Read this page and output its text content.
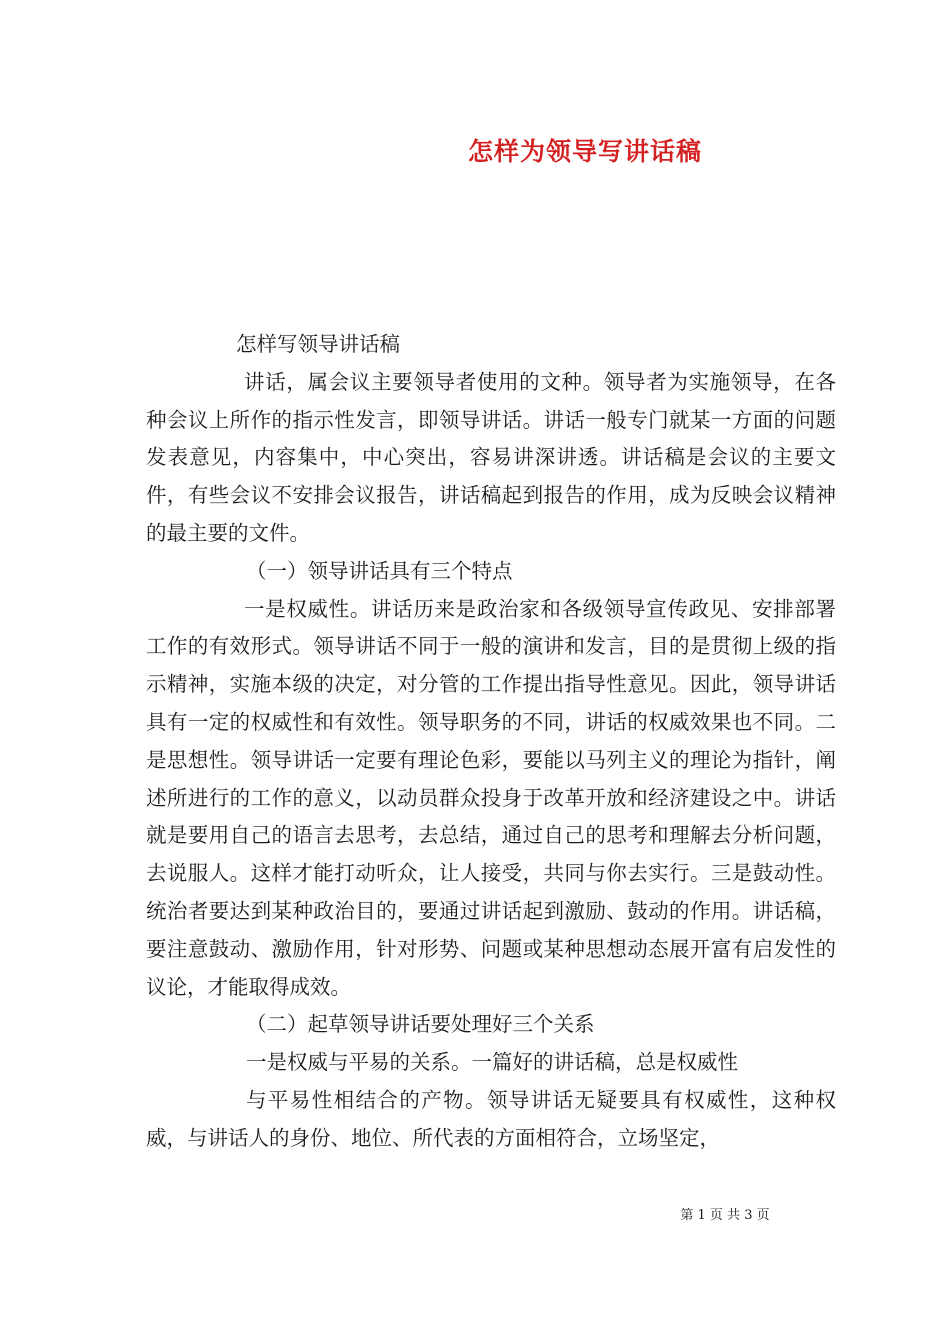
怎样为领导写讲话稿

怎样写领导讲话稿

讲话，属会议主要领导者使用的文种。领导者为实施领导，在各种会议上所作的指示性发言，即领导讲话。讲话一般专门就某一方面的问题发表意见，内容集中，中心突出，容易讲深讲透。讲话稿是会议的主要文件，有些会议不安排会议报告，讲话稿起到报告的作用，成为反映会议精神的最主要的文件。

（一）领导讲话具有三个特点

一是权威性。讲话历来是政治家和各级领导宣传政见、安排部署工作的有效形式。领导讲话不同于一般的演讲和发言，目的是贯彻上级的指示精神，实施本级的决定，对分管的工作提出指导性意见。因此，领导讲话具有一定的权威性和有效性。领导职务的不同，讲话的权威效果也不同。二是思想性。领导讲话一定要有理论色彩，要能以马列主义的理论为指针，阐述所进行的工作的意义，以动员群众投身于改革开放和经济建设之中。讲话就是要用自己的语言去思考，去总结，通过自己的思考和理解去分析问题，去说服人。这样才能打动听众，让人接受，共同与你去实行。三是鼓动性。统治者要达到某种政治目的，要通过讲话起到激励、鼓动的作用。讲话稿，要注意鼓动、激励作用，针对形势、问题或某种思想动态展开富有启发性的议论，才能取得成效。

（二）起草领导讲话要处理好三个关系

一是权威与平易的关系。一篇好的讲话稿，总是权威性

与平易性相结合的产物。领导讲话无疑要具有权威性，这种权威，与讲话人的身份、地位、所代表的方面相符合，立场坚定，

第 1 页 共 3 页
